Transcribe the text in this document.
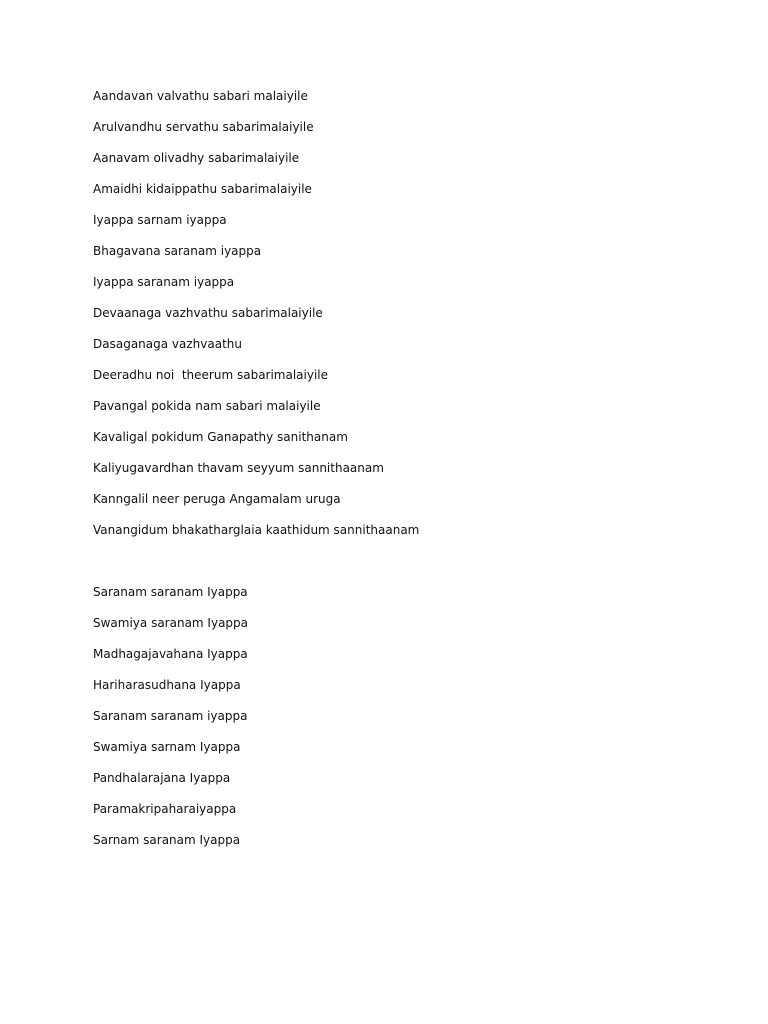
Aandavan valvathu sabari malaiyile
Arulvandhu servathu sabarimalaiyile
Aanavam olivadhy sabarimalaiyile
Amaidhi kidaippathu sabarimalaiyile
Iyappa sarnam iyappa
Bhagavana saranam iyappa
Iyappa saranam iyappa
Devaanaga vazhvathu sabarimalaiyile
Dasaganaga vazhvaathu
Deeradhu noi  theerum sabarimalaiyile
Pavangal pokida nam sabari malaiyile
Kavaligal pokidum Ganapathy sanithanam
Kaliyugavardhan thavam seyyum sannithaanam
Kanngalil neer peruga Angamalam uruga
Vanangidum bhakatharglaia kaathidum sannithaanam
Saranam saranam Iyappa
Swamiya saranam Iyappa
Madhagajavahana Iyappa
Hariharasudhana Iyappa
Saranam saranam iyappa
Swamiya sarnam Iyappa
Pandhalarajana Iyappa
Paramakripaharaiyappa
Sarnam saranam Iyappa
